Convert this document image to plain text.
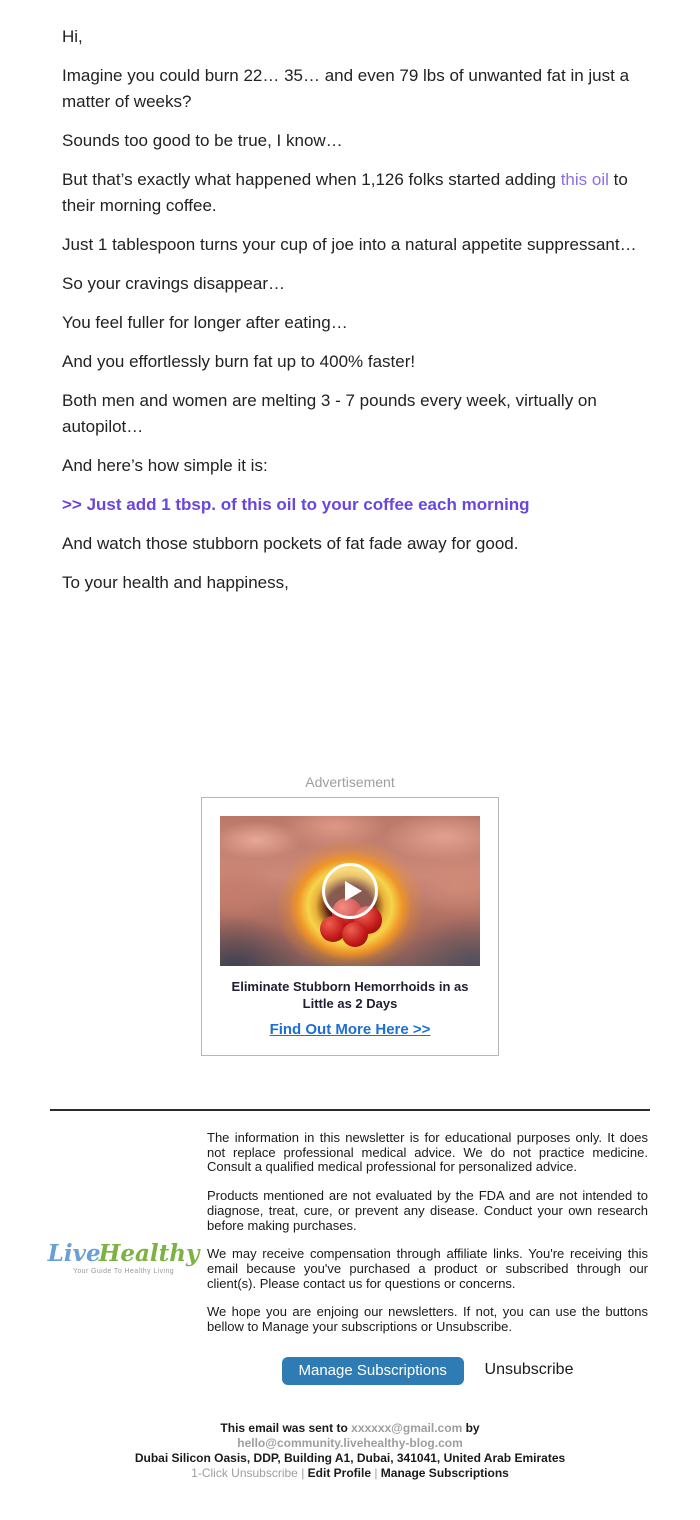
Hi,

Imagine you could burn 22… 35… and even 79 lbs of unwanted fat in just a matter of weeks?

Sounds too good to be true, I know…

But that’s exactly what happened when 1,126 folks started adding this oil to their morning coffee.

Just 1 tablespoon turns your cup of joe into a natural appetite suppressant…

So your cravings disappear…

You feel fuller for longer after eating…

And you effortlessly burn fat up to 400% faster!

Both men and women are melting 3 - 7 pounds every week, virtually on autopilot…

And here’s how simple it is:

>> Just add 1 tbsp. of this oil to your coffee each morning

And watch those stubborn pockets of fat fade away for good.

To your health and happiness,

Advertisement
Eliminate Stubborn Hemorrhoids in as Little as 2 Days
Find Out More Here >>
LiveHealthy
Your Guide To Healthy Living

The information in this newsletter is for educational purposes only. It does not replace professional medical advice. We do not practice medicine. Consult a qualified medical professional for personalized advice.

Products mentioned are not evaluated by the FDA and are not intended to diagnose, treat, cure, or prevent any disease. Conduct your own research before making purchases.

We may receive compensation through affiliate links. You're receiving this email because you've purchased a product or subscribed through our client(s). Please contact us for questions or concerns.

We hope you are enjoing our newsletters. If not, you can use the buttons bellow to Manage your subscriptions or Unsubscribe.

Manage Subscriptions Unsubscribe
This email was sent to xxxxxx@gmail.com by hello@community.livehealthy-blog.com
Dubai Silicon Oasis, DDP, Building A1, Dubai, 341041, United Arab Emirates
1-Click Unsubscribe | Edit Profile | Manage Subscriptions
